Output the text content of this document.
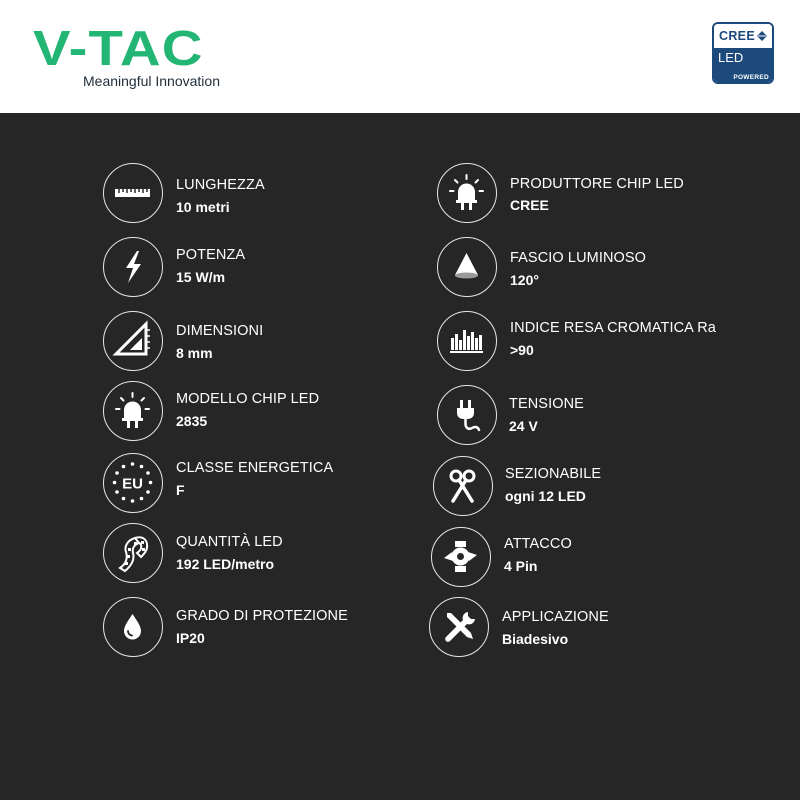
V-TAC
Meaningful Innovation
CREE
LED
POWERED
LUNGHEZZA
10 metri
POTENZA
15 W/m
DIMENSIONI
8 mm
MODELLO CHIP LED
2835
EU
CLASSE ENERGETICA
F
QUANTITÀ LED
192 LED/metro
GRADO DI PROTEZIONE
IP20
PRODUTTORE CHIP LED
CREE
FASCIO LUMINOSO
120°
INDICE RESA CROMATICA Ra
>90
TENSIONE
24 V
SEZIONABILE
ogni 12 LED
ATTACCO
4 Pin
APPLICAZIONE
Biadesivo
